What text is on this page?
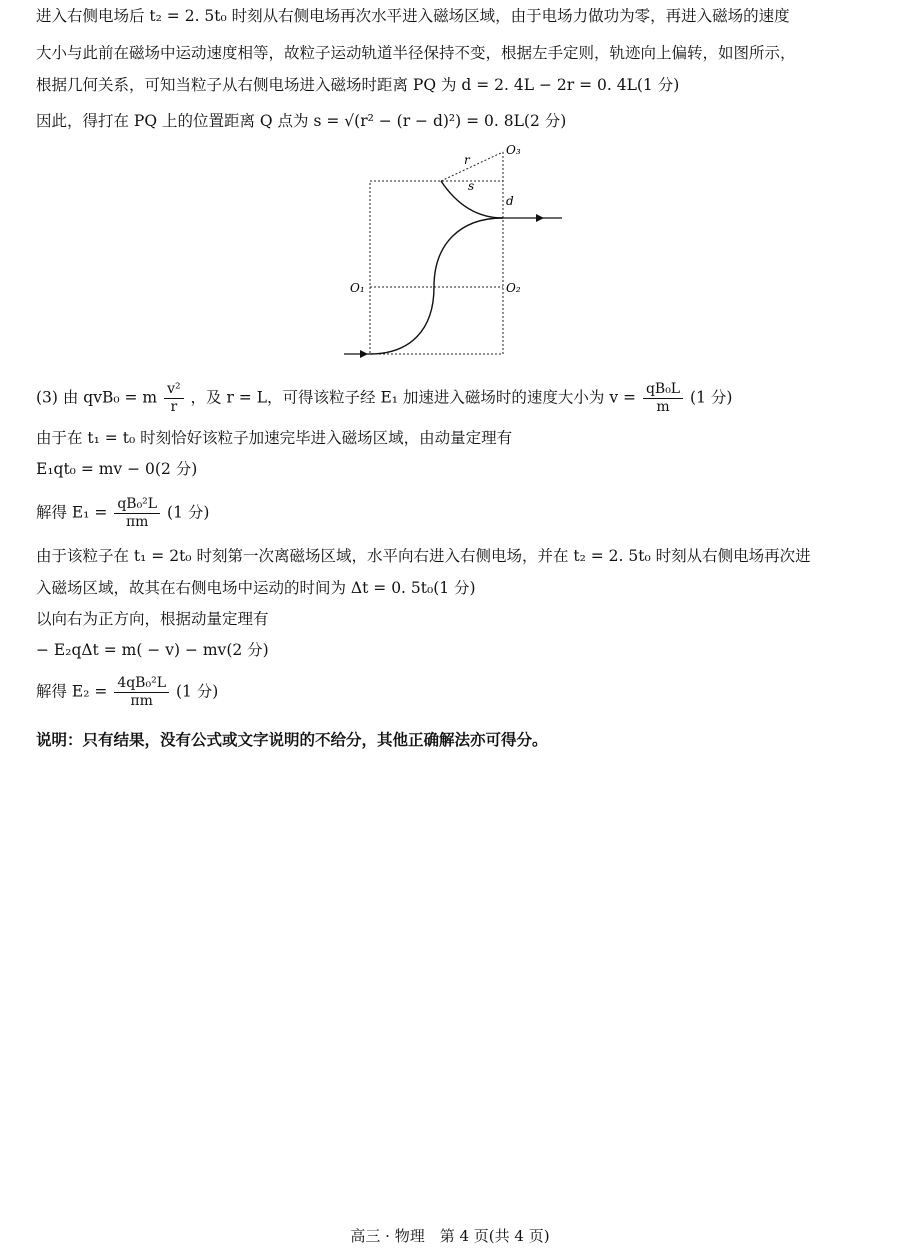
进入右侧电场后 t₂ = 2. 5t₀ 时刻从右侧电场再次水平进入磁场区域，由于电场力做功为零，再进入磁场的速度
大小与此前在磁场中运动速度相等，故粒子运动轨道半径保持不变，根据左手定则，轨迹向上偏转，如图所示，
根据几何关系，可知当粒子从右侧电场进入磁场时距离 PQ 为 d = 2. 4L − 2r = 0. 4L(1 分)
因此，得打在 PQ 上的位置距离 Q 点为 s = √(r² − (r − d)²) = 0. 8L(2 分)
O₁	O₂
O₃
r
s
d
(3) 由 qvB₀ = m $\frac{\text{v²}}{r}$ ，及 r = L，可得该粒子经 E₁ 加速进入磁场时的速度大小为 $v = \frac{\text{qB₀L}}{m} (1$ 分)
由于在 t₁ = t₀ 时刻恰好该粒子加速完毕进入磁场区域，由动量定理有
E₁qt₀ = mv − 0(2 分)
解得 $E_1 = \frac{\text{qB₀²L}}{\pi m} (1$ 分)
由于该粒子在 t₁ = 2t₀ 时刻第一次离磁场区域，水平向右进入右侧电场，并在 t₂ = 2. 5t₀ 时刻从右侧电场再次进
入磁场区域，故其在右侧电场中运动的时间为 Δt = 0. 5t₀(1 分)
以向右为正方向，根据动量定理有
− E₂qΔt = m( − v) − mv(2 分)
解得 $E_2 = \frac{\text{4qB₀²L}}{\pi m} (1$ 分)
说明：只有结果，没有公式或文字说明的不给分，其他正确解法亦可得分。
高三 · 物理　第 4 页(共 4 页)
